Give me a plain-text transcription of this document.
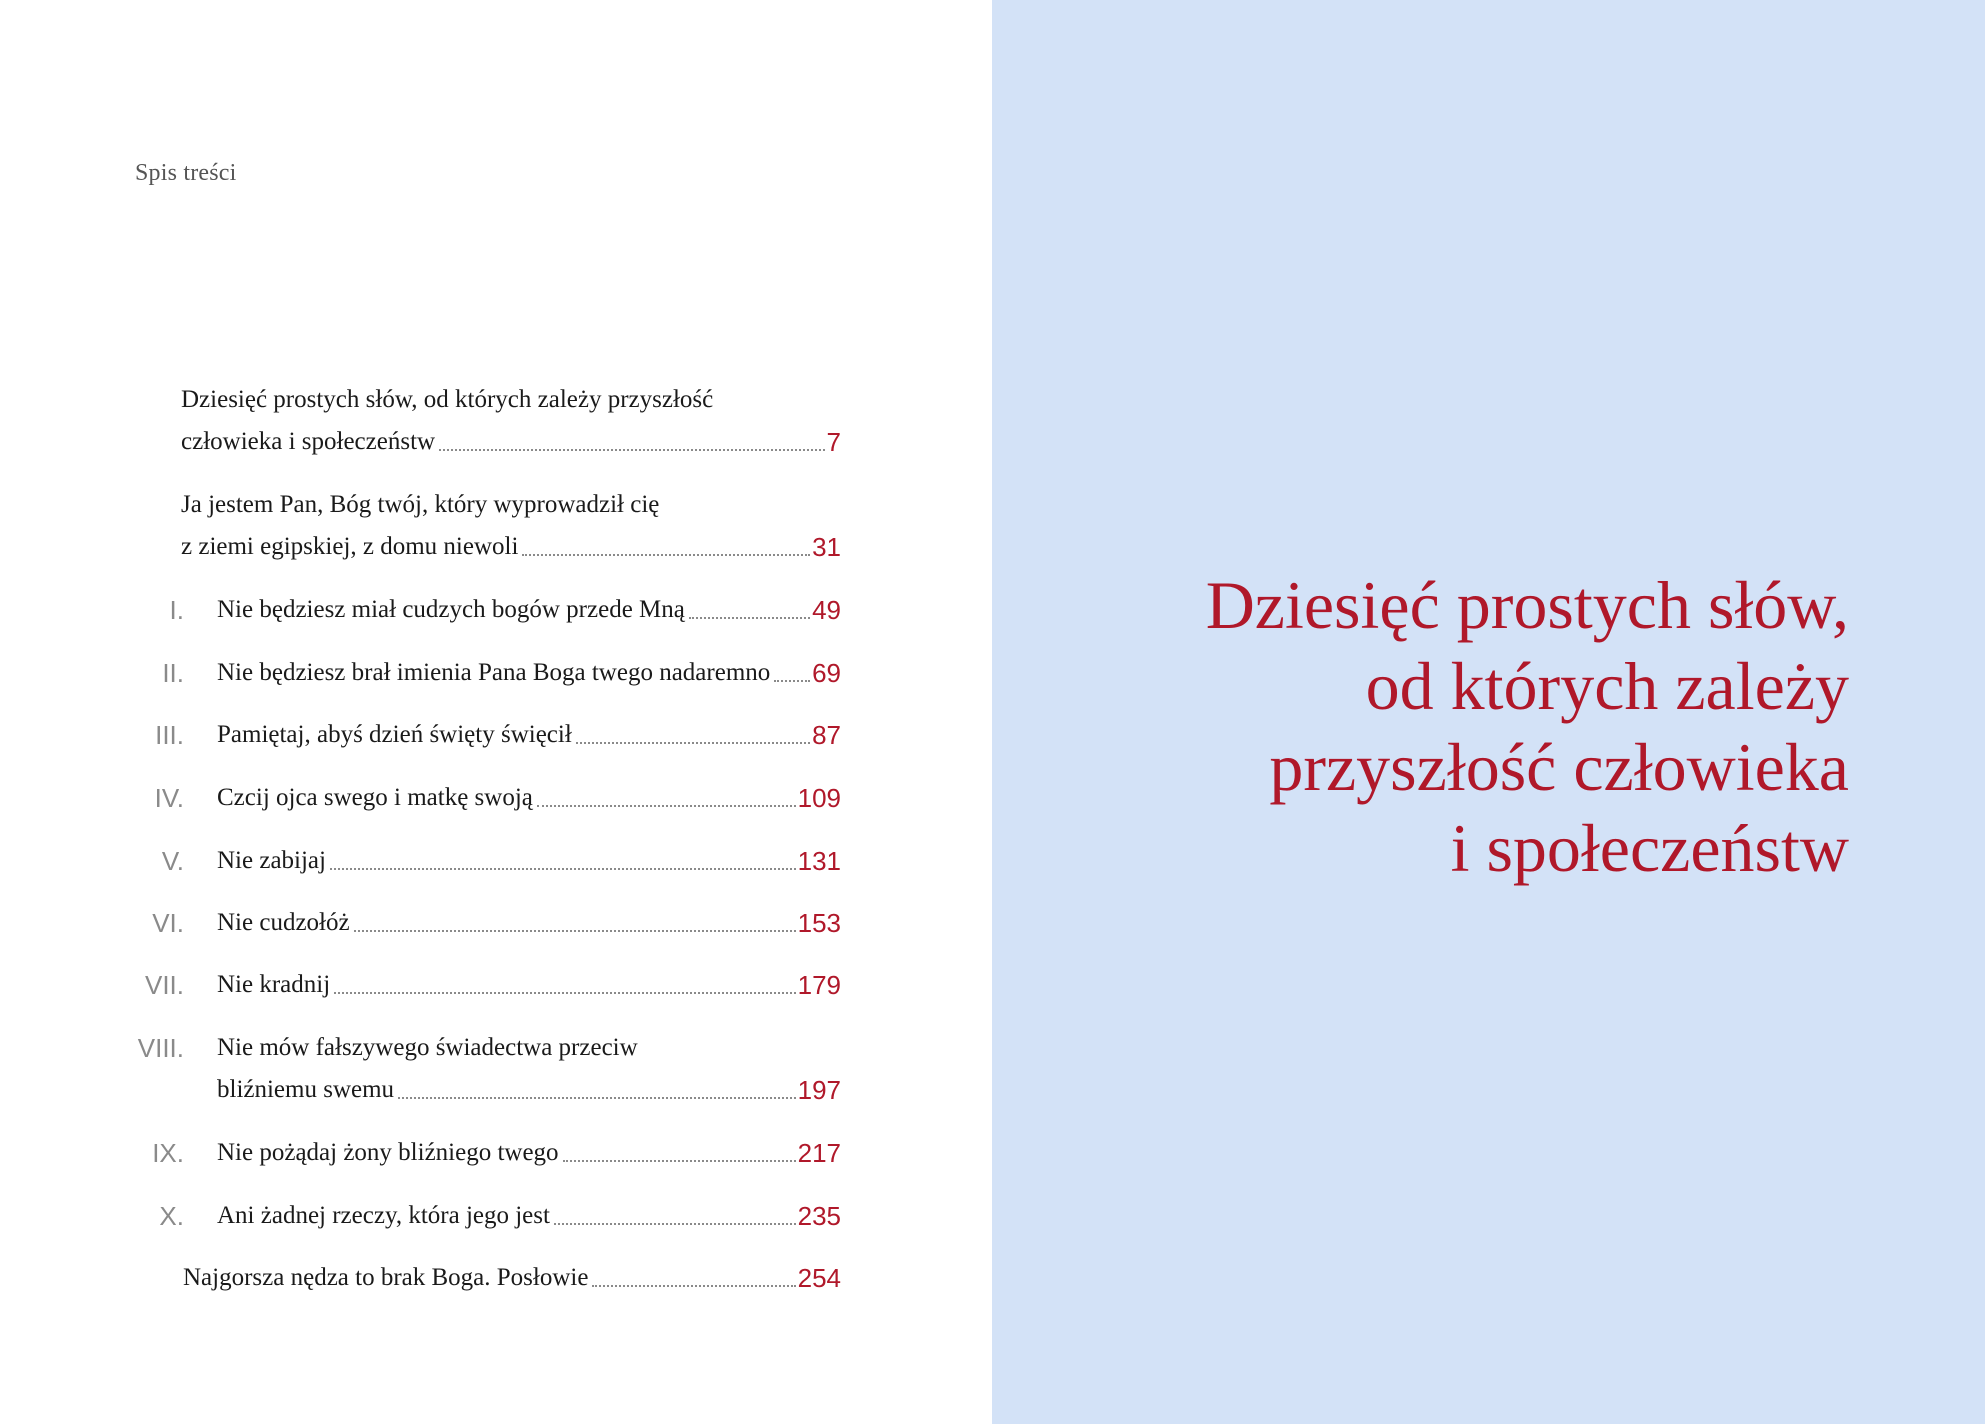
Spis treści
Dziesięć prostych słów, od których zależy przyszłość
człowieka i społeczeństw	7
Ja jestem Pan, Bóg twój, który wyprowadził cię
z ziemi egipskiej, z domu niewoli	31
I. Nie będziesz miał cudzych bogów przede Mną	49
II. Nie będziesz brał imienia Pana Boga twego nadaremno 69
III. Pamiętaj, abyś dzień święty święcił	87
IV. Czcij ojca swego i matkę swoją	109
V. Nie zabijaj	131
VI. Nie cudzołóż	153
VII. Nie kradnij	179
VIII. Nie mów fałszywego świadectwa przeciw
bliźniemu swemu	197
IX. Nie pożądaj żony bliźniego twego	217
X. Ani żadnej rzeczy, która jego jest	235
Najgorsza nędza to brak Boga. Posłowie	254
Dziesięć prostych słów,
od których zależy
przyszłość człowieka
i społeczeństw
